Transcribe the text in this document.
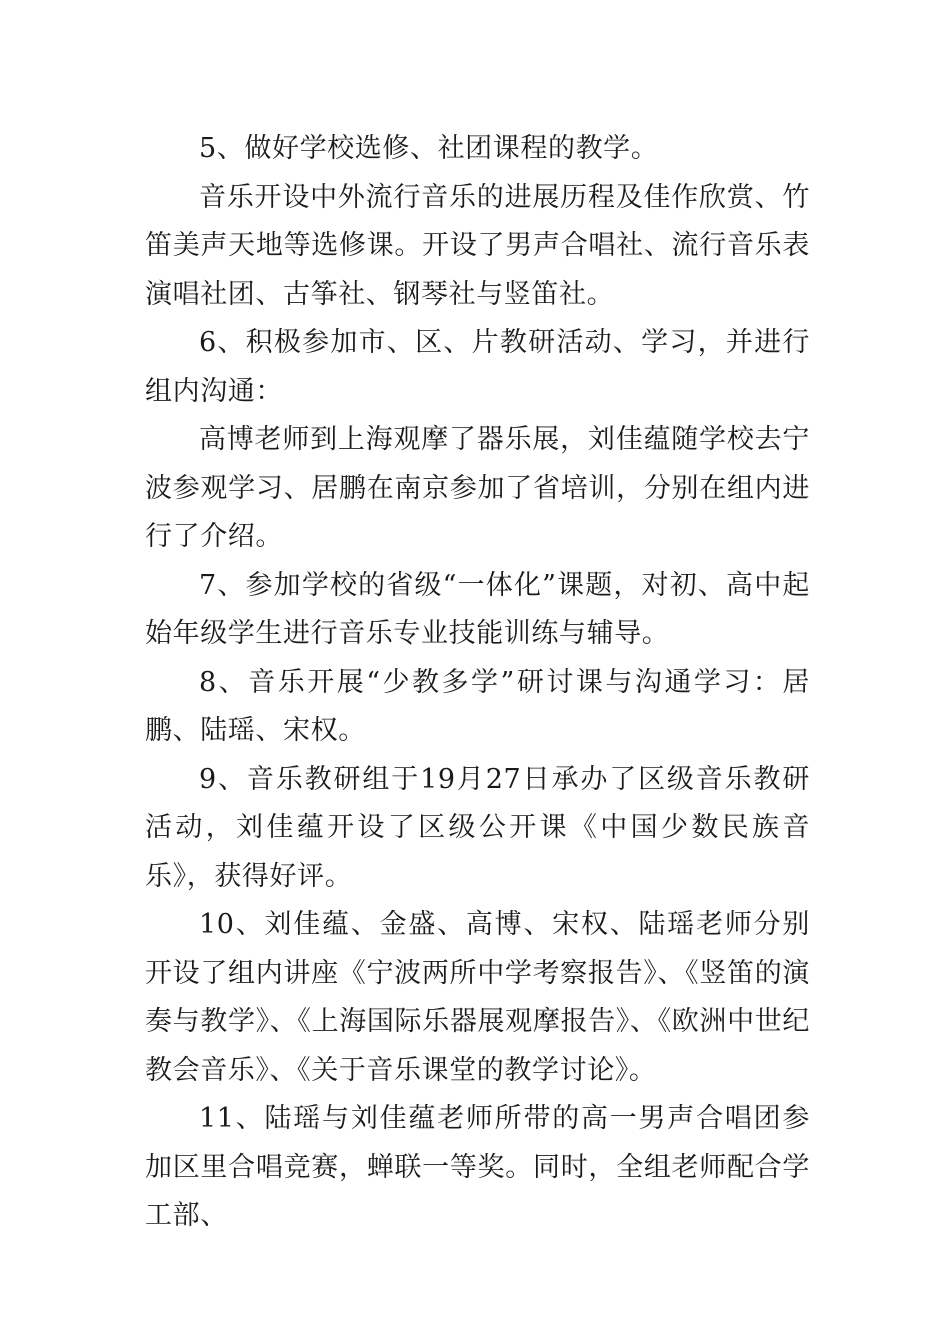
5、做好学校选修、社团课程的教学。

音乐开设中外流行音乐的进展历程及佳作欣赏、竹笛美声天地等选修课。开设了男声合唱社、流行音乐表演唱社团、古筝社、钢琴社与竖笛社。

6、积极参加市、区、片教研活动、学习，并进行组内沟通：

高博老师到上海观摩了器乐展，刘佳蕴随学校去宁波参观学习、居鹏在南京参加了省培训，分别在组内进行了介绍。

7、参加学校的省级“一体化”课题，对初、高中起始年级学生进行音乐专业技能训练与辅导。

8、音乐开展“少教多学”研讨课与沟通学习：居鹏、陆瑶、宋权。

9、音乐教研组于19月27日承办了区级音乐教研活动，刘佳蕴开设了区级公开课《中国少数民族音乐》，获得好评。

10、刘佳蕴、金盛、高博、宋权、陆瑶老师分别开设了组内讲座《宁波两所中学考察报告》、《竖笛的演奏与教学》、《上海国际乐器展观摩报告》、《欧洲中世纪教会音乐》、《关于音乐课堂的教学讨论》。

11、陆瑶与刘佳蕴老师所带的高一男声合唱团参加区里合唱竞赛，蝉联一等奖。同时，全组老师配合学工部、
